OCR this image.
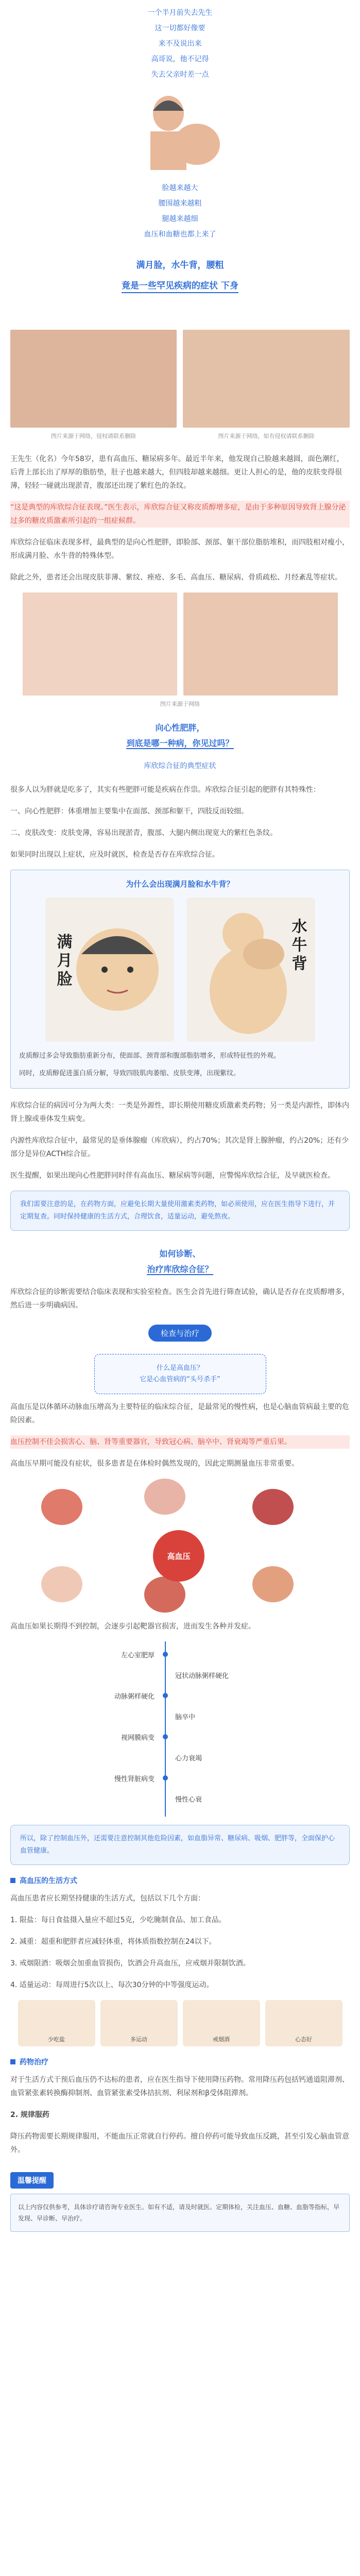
一个半月前失去先生
这一切都好像要
来不及说出来
高哥说，他不记得
失去父亲时差一点
脸越来越大
腰围越来越粗
腿越来越细
血压和血糖也都上来了
满月脸，水牛背，腰粗
竟是一些罕见疾病的症状 下身
图片来源于网络，侵权请联系删除	图片来源于网络，如有侵权请联系删除

王先生（化名）今年58岁，患有高血压、糖尿病多年。最近半年来，他发现自己脸越来越圆，面色潮红，后背上部长出了厚厚的脂肪垫，肚子也越来越大，但四肢却越来越细。更让人担心的是，他的皮肤变得很薄，轻轻一碰就出现淤青，腹部还出现了紫红色的条纹。

“这是典型的库欣综合征表现。”医生表示，库欣综合征又称皮质醇增多症，是由于多种原因导致肾上腺分泌过多的糖皮质激素所引起的一组症候群。

库欣综合征临床表现多样，最典型的是向心性肥胖，即脸部、颈部、躯干部位脂肪堆积，而四肢相对瘦小，形成满月脸、水牛背的特殊体型。

除此之外，患者还会出现皮肤菲薄、紫纹、痤疮、多毛、高血压、糖尿病、骨质疏松、月经紊乱等症状。

图片来源于网络
向心性肥胖，
到底是哪一种病，你见过吗？
库欣综合征的典型症状

很多人以为胖就是吃多了，其实有些肥胖可能是疾病在作祟。库欣综合征引起的肥胖有其特殊性：

一、向心性肥胖：体重增加主要集中在面部、颈部和躯干，四肢反而较细。

二、皮肤改变：皮肤变薄，容易出现淤青，腹部、大腿内侧出现宽大的紫红色条纹。

如果同时出现以上症状，应及时就医，检查是否存在库欣综合征。

为什么会出现满月脸和水牛背？
满月脸	水牛背

皮质醇过多会导致脂肪重新分布，使面部、颈背部和腹部脂肪增多，形成特征性的外观。

同时，皮质醇促进蛋白质分解，导致四肢肌肉萎缩、皮肤变薄，出现紫纹。

库欣综合征的病因可分为两大类：一类是外源性，即长期使用糖皮质激素类药物；另一类是内源性，即体内肾上腺或垂体发生病变。

内源性库欣综合征中，最常见的是垂体腺瘤（库欣病），约占70%；其次是肾上腺肿瘤，约占20%；还有少部分是异位ACTH综合征。

医生提醒，如果出现向心性肥胖同时伴有高血压、糖尿病等问题，应警惕库欣综合征，及早就医检查。

我们需要注意的是，在药物方面，应避免长期大量使用激素类药物，如必须使用，应在医生指导下进行，并定期复查。同时保持健康的生活方式，合理饮食，适量运动，避免熬夜。
如何诊断、
治疗库欣综合征？

库欣综合征的诊断需要结合临床表现和实验室检查。医生会首先进行筛查试验，确认是否存在皮质醇增多，然后进一步明确病因。

检查与治疗
什么是高血压？
它是心血管病的“头号杀手”

高血压是以体循环动脉血压增高为主要特征的临床综合征，是最常见的慢性病，也是心脑血管病最主要的危险因素。

血压控制不佳会损害心、脑、肾等重要器官，导致冠心病、脑卒中、肾衰竭等严重后果。

高血压早期可能没有症状，很多患者是在体检时偶然发现的，因此定期测量血压非常重要。

高血压

高血压如果长期得不到控制，会逐步引起靶器官损害，进而发生各种并发症。

左心室肥厚
动脉粥样硬化
视网膜病变
慢性肾脏病变
冠状动脉粥样硬化
脑卒中
心力衰竭
慢性心衰
所以，除了控制血压外，还需要注意控制其他危险因素，如血脂异常、糖尿病、吸烟、肥胖等，全面保护心血管健康。
高血压的生活方式

高血压患者应长期坚持健康的生活方式，包括以下几个方面：

1. 限盐：每日食盐摄入量应不超过5克，少吃腌制食品、加工食品。

2. 减重：超重和肥胖者应减轻体重，将体质指数控制在24以下。

3. 戒烟限酒：吸烟会加重血管损伤，饮酒会升高血压，应戒烟并限制饮酒。

4. 适量运动：每周进行5次以上、每次30分钟的中等强度运动。

少吃盐	多运动	戒烟酒	心态好
药物治疗

对于生活方式干预后血压仍不达标的患者，应在医生指导下使用降压药物。常用降压药包括钙通道阻滞剂、血管紧张素转换酶抑制剂、血管紧张素受体拮抗剂、利尿剂和β受体阻滞剂。

2. 规律服药

降压药物需要长期规律服用，不能血压正常就自行停药。擅自停药可能导致血压反跳，甚至引发心脑血管意外。

温馨提醒
以上内容仅供参考，具体诊疗请咨询专业医生。如有不适，请及时就医。定期体检，关注血压、血糖、血脂等指标，早发现、早诊断、早治疗。
